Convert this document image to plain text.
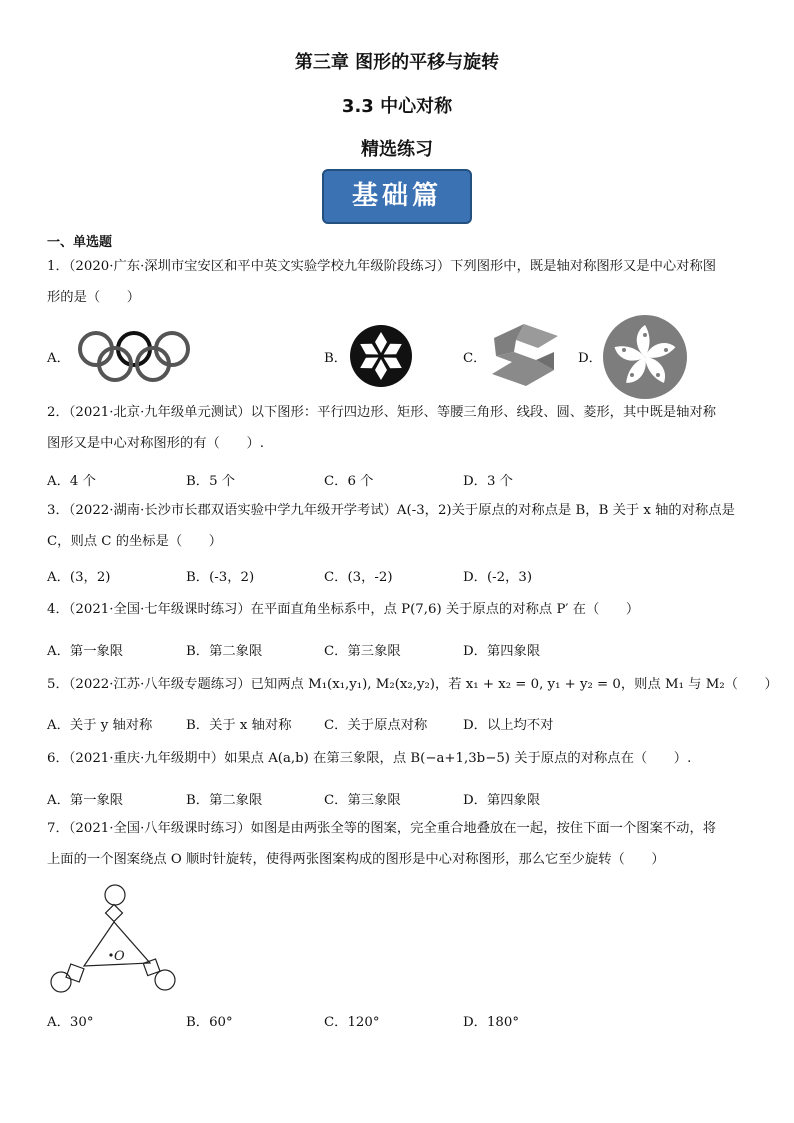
第三章 图形的平移与旋转
3.3 中心对称
精选练习
基础篇
一、单选题
1．（2020·广东·深圳市宝安区和平中英文实验学校九年级阶段练习）下列图形中，既是轴对称图形又是中心对称图
形的是（　　）
A．	B．	C．	D．
2．（2021·北京·九年级单元测试）以下图形：平行四边形、矩形、等腰三角形、线段、圆、菱形，其中既是轴对称
图形又是中心对称图形的有（　　）.
A．4 个	B．5 个	C．6 个	D．3 个
3．（2022·湖南·长沙市长郡双语实验中学九年级开学考试）A(-3，2)关于原点的对称点是 B，B 关于 x 轴的对称点是
C，则点 C 的坐标是（　　）
A．(3，2)	B．(-3，2)	C．(3，-2)	D．(-2，3)
4．（2021·全国·七年级课时练习）在平面直角坐标系中，点 P(7,6) 关于原点的对称点 P′ 在（　　）
A．第一象限	B．第二象限	C．第三象限	D．第四象限
5．（2022·江苏·八年级专题练习）已知两点 M₁(x₁,y₁), M₂(x₂,y₂)，若 x₁ + x₂ = 0, y₁ + y₂ = 0，则点 M₁ 与 M₂（　　）
A．关于 y 轴对称	B．关于 x 轴对称 C．关于原点对称	D．以上均不对
6．（2021·重庆·九年级期中）如果点 A(a,b) 在第三象限，点 B(−a+1,3b−5) 关于原点的对称点在（　　）.
A．第一象限	B．第二象限	C．第三象限	D．第四象限
7．（2021·全国·八年级课时练习）如图是由两张全等的图案，完全重合地叠放在一起，按住下面一个图案不动，将
上面的一个图案绕点 O 顺时针旋转，使得两张图案构成的图形是中心对称图形，那么它至少旋转（　　）
O
A．30°	B．60°	C．120°	D．180°
